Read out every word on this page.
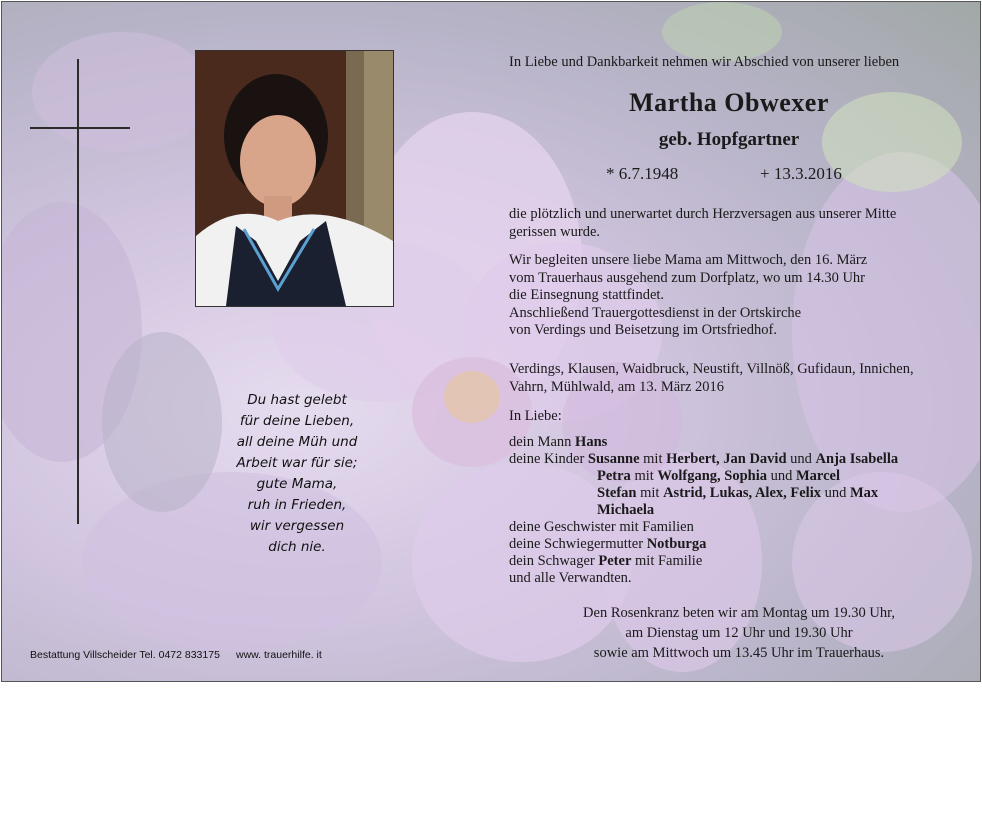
Du hast gelebt
für deine Lieben,
all deine Müh und
Arbeit war für sie;
gute Mama,
ruh in Frieden,
wir vergessen
dich nie.
Bestattung Villscheider Tel. 0472 833175 www. trauerhilfe. it
In Liebe und Dankbarkeit nehmen wir Abschied von unserer lieben
Martha Obwexer
geb. Hopfgartner
* 6.7.1948	+ 13.3.2016
die plötzlich und unerwartet durch Herzversagen aus unserer Mitte
gerissen wurde.
Wir begleiten unsere liebe Mama am Mittwoch, den 16. März
vom Trauerhaus ausgehend zum Dorfplatz, wo um 14.30 Uhr
die Einsegnung stattfindet.
Anschließend Trauergottesdienst in der Ortskirche
von Verdings und Beisetzung im Ortsfriedhof.
Verdings, Klausen, Waidbruck, Neustift, Villnöß, Gufidaun, Innichen,
Vahrn, Mühlwald, am 13. März 2016
In Liebe:
dein Mann Hans
deine Kinder Susanne mit Herbert, Jan David und Anja Isabella
Petra mit Wolfgang, Sophia und Marcel
Stefan mit Astrid, Lukas, Alex, Felix und Max
Michaela
deine Geschwister mit Familien
deine Schwiegermutter Notburga
dein Schwager Peter mit Familie
und alle Verwandten.
Den Rosenkranz beten wir am Montag um 19.30 Uhr,
am Dienstag um 12 Uhr und 19.30 Uhr
sowie am Mittwoch um 13.45 Uhr im Trauerhaus.
